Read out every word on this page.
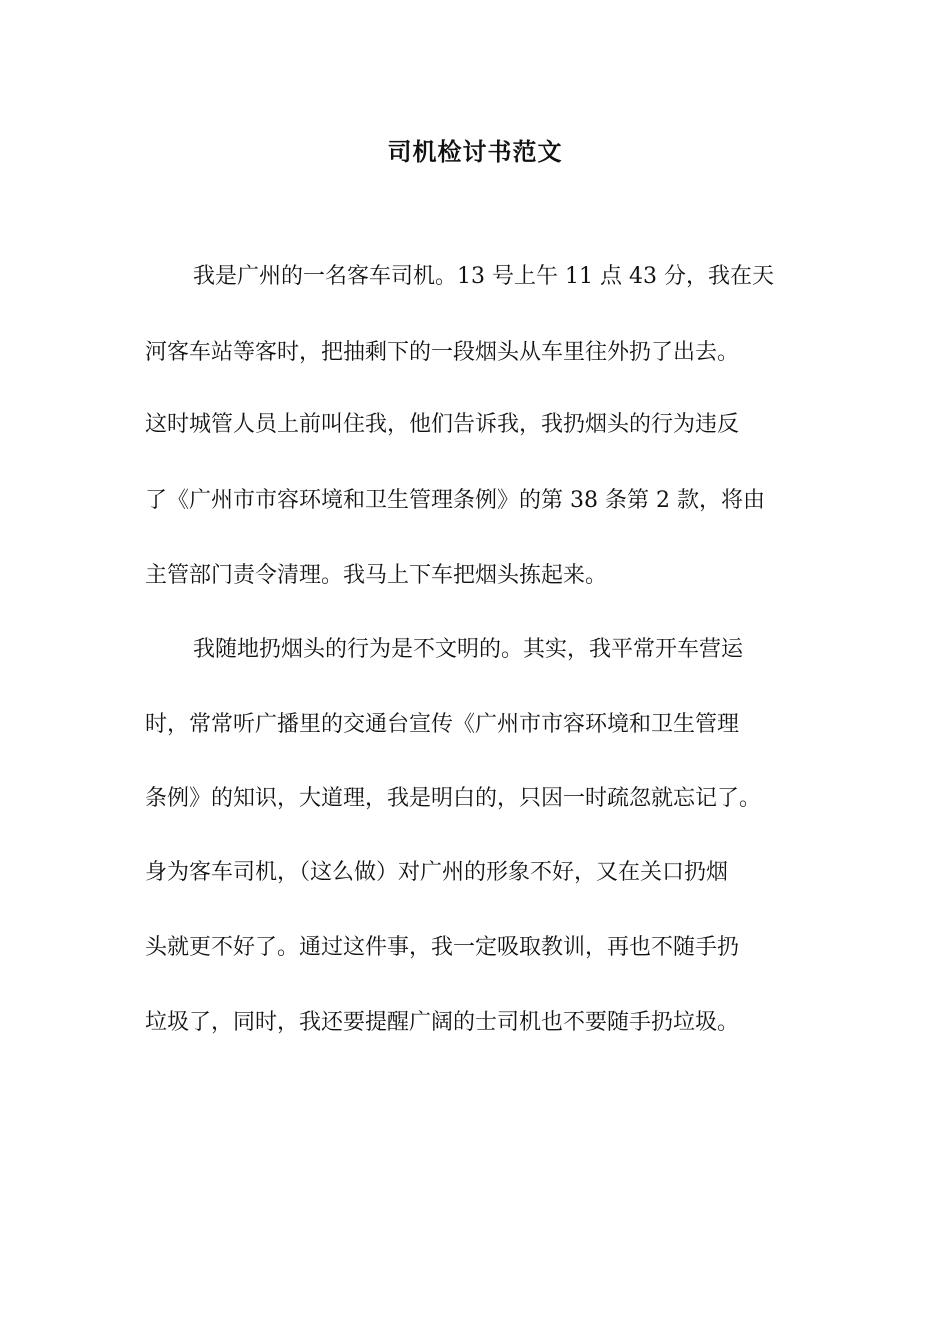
司机检讨书范文

我是广州的一名客车司机。13 号上午 11 点 43 分，我在天

河客车站等客时，把抽剩下的一段烟头从车里往外扔了出去。

这时城管人员上前叫住我，他们告诉我，我扔烟头的行为违反

了《广州市市容环境和卫生管理条例》的第 38 条第 2 款，将由

主管部门责令清理。我马上下车把烟头拣起来。

我随地扔烟头的行为是不文明的。其实，我平常开车营运

时，常常听广播里的交通台宣传《广州市市容环境和卫生管理

条例》的知识，大道理，我是明白的，只因一时疏忽就忘记了。

身为客车司机，（这么做）对广州的形象不好，又在关口扔烟

头就更不好了。通过这件事，我一定吸取教训，再也不随手扔

垃圾了，同时，我还要提醒广阔的士司机也不要随手扔垃圾。
